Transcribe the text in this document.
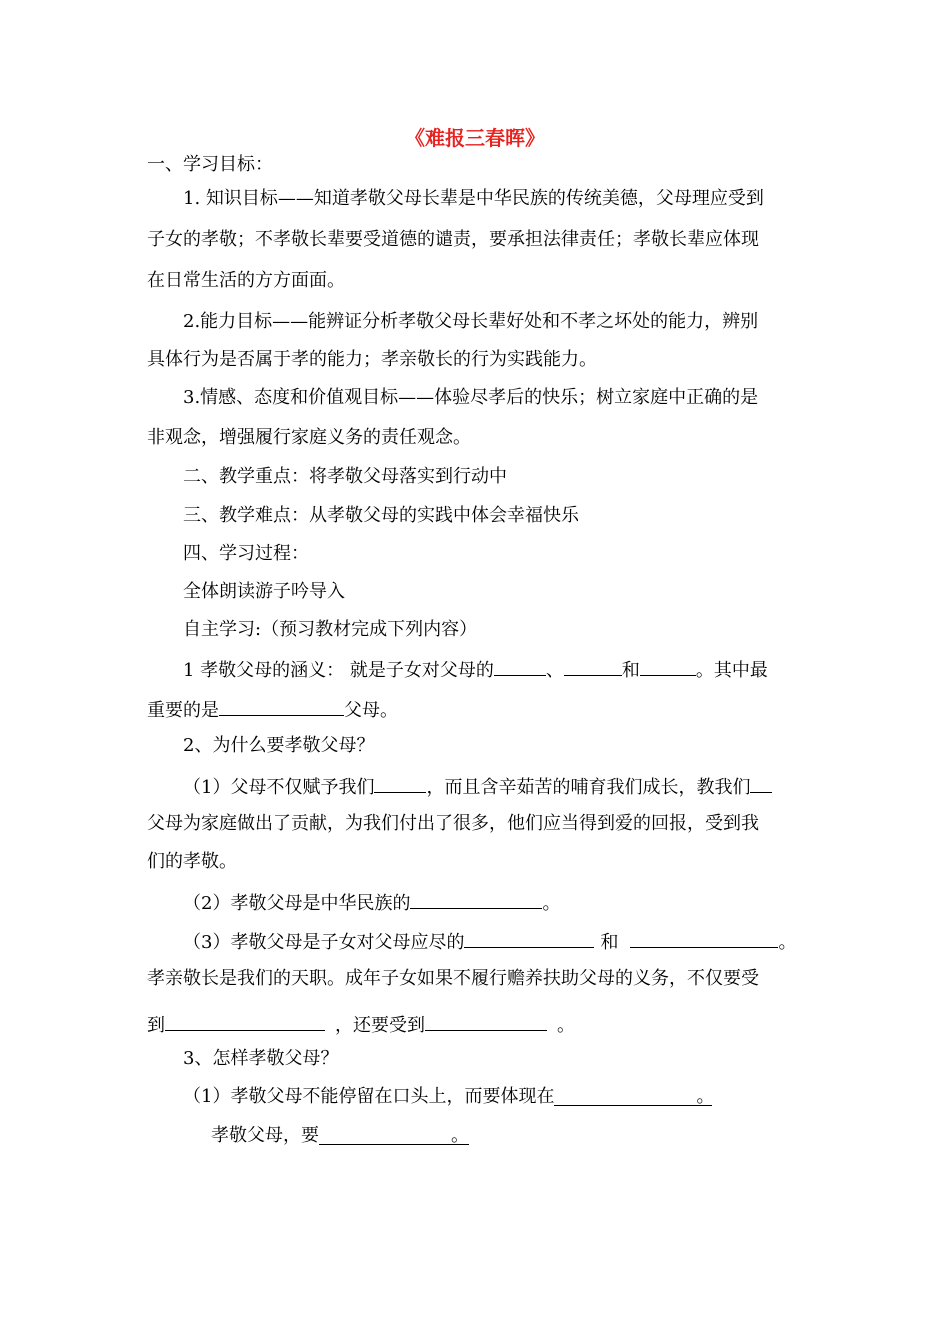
《难报三春晖》
一、学习目标：
1. 知识目标——知道孝敬父母长辈是中华民族的传统美德，父母理应受到
子女的孝敬；不孝敬长辈要受道德的谴责，要承担法律责任；孝敬长辈应体现
在日常生活的方方面面。
2.能力目标——能辨证分析孝敬父母长辈好处和不孝之坏处的能力，辨别
具体行为是否属于孝的能力；孝亲敬长的行为实践能力。
3.情感、态度和价值观目标——体验尽孝后的快乐；树立家庭中正确的是
非观念，增强履行家庭义务的责任观念。
二、教学重点：将孝敬父母落实到行动中
三、教学难点：从孝敬父母的实践中体会幸福快乐
四、学习过程：
全体朗读游子吟导入
自主学习:（预习教材完成下列内容）
1 孝敬父母的涵义： 就是子女对父母的	、	和	。其中最
重要的是	父母。
2、为什么要孝敬父母？
（1）父母不仅赋予我们	，而且含辛茹苦的哺育我们成长，教我们
父母为家庭做出了贡献，为我们付出了很多，他们应当得到爱的回报，受到我
们的孝敬。
（2）孝敬父母是中华民族的	。
（3）孝敬父母是子女对父母应尽的	和	。
孝亲敬长是我们的天职。成年子女如果不履行赡养扶助父母的义务，不仅要受
到	，还要受到	。
3、怎样孝敬父母？
（1）孝敬父母不能停留在口头上，而要体现在	。
孝敬父母，要	。
